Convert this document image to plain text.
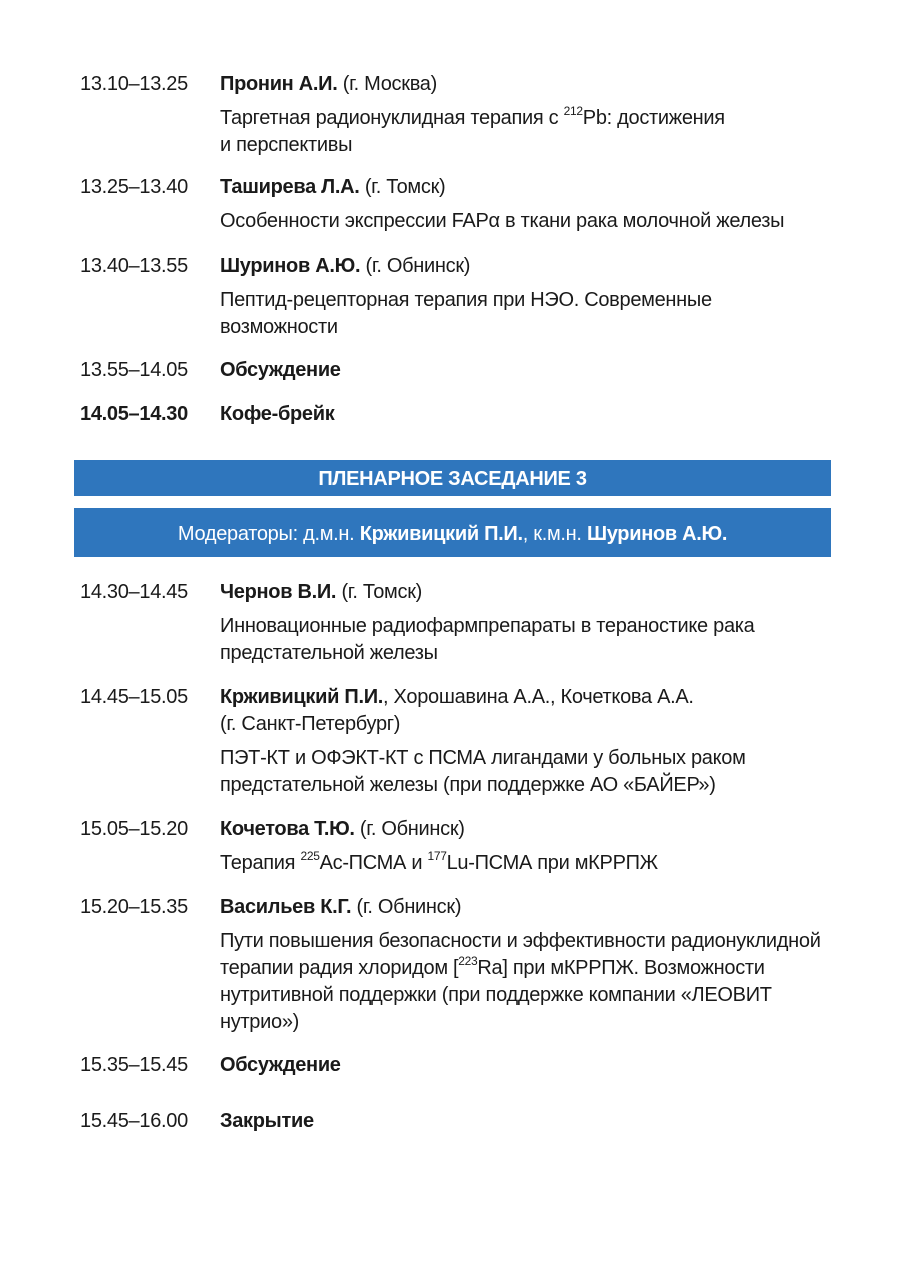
13.10–13.25	Пронин А.И. (г. Москва)
Таргетная радионуклидная терапия с $^{212}$Pb: достижения
и перспективы
13.25–13.40	Таширева Л.А. (г. Томск)
Особенности экспрессии FAPα в ткани рака молочной железы
13.40–13.55	Шуринов А.Ю. (г. Обнинск)
Пептид-рецепторная терапия при НЭО. Современные
возможности
13.55–14.05	Обсуждение
14.05–14.30	Кофе-брейк
ПЛЕНАРНОЕ ЗАСЕДАНИЕ 3
Модераторы: д.м.н. Крживицкий П.И., к.м.н. Шуринов А.Ю.
14.30–14.45	Чернов В.И. (г. Томск)
Инновационные радиофармпрепараты в тераностике рака
предстательной железы
14.45–15.05	Крживицкий П.И., Хорошавина А.А., Кочеткова А.А.
(г. Санкт-Петербург)
ПЭТ-КТ и ОФЭКТ-КТ с ПСМА лигандами у больных раком
предстательной железы (при поддержке АО «БАЙЕР»)
15.05–15.20	Кочетова Т.Ю. (г. Обнинск)
Терапия $^{225}$Ac-ПСМА и $^{177}$Lu-ПСМА при мКРРПЖ
15.20–15.35	Васильев К.Г. (г. Обнинск)
Пути повышения безопасности и эффективности радионуклидной
терапии радия хлоридом [$^{223}$Ra] при мКРРПЖ. Возможности
нутритивной поддержки (при поддержке компании «ЛЕОВИТ
нутрио»)
15.35–15.45	Обсуждение
15.45–16.00	Закрытие
